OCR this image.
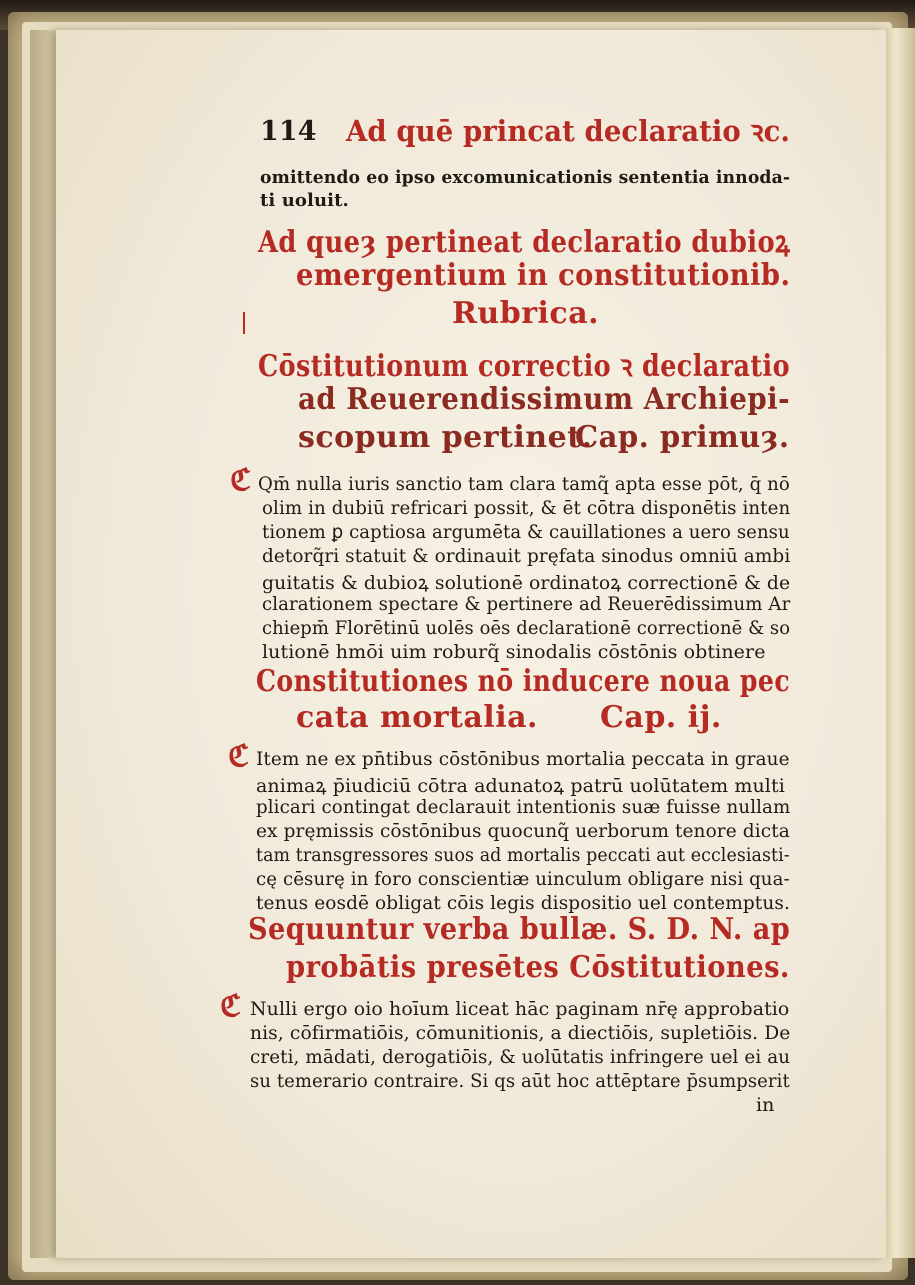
114 Ad quē princat declaratio ꝛc.
omittendo eo ipso excomunicationis sententia innoda-
ti uoluit.
Ad queȝ pertineat declaratio dubioꝝ
emergentium in constitutionib.
Rubrica.
Cōstitutionum correctio ꝛ declaratio
ad Reuerendissimum Archiepi-
scopum pertinet.
Cap. primuȝ.
ℭ Qm̄ nulla iuris sanctio tam clara tamq̃ apta esse pōt, q̄ nō
olim in dubiū refricari possit, & ēt cōtra disponētis inten
tionem ꝑ captiosa argumēta & cauillationes a uero sensu
detorq̃ri statuit & ordinauit pręfata sinodus omniū ambi
guitatis & dubioꝝ solutionē ordinatoꝝ correctionē & de
clarationem spectare & pertinere ad Reuerēdissimum Ar
chiepm̄ Florētinū uolēs oēs declarationē correctionē & so
lutionē hmōi uim roburq̃ sinodalis cōstōnis obtinere
Constitutiones nō inducere noua pec
cata mortalia. Cap. ij.
ℭ Item ne ex pn̄tibus cōstōnibus mortalia peccata in graue
animaꝝ p̄iudiciū cōtra adunatoꝝ patrū uolūtatem multi
plicari contingat declarauit intentionis suæ fuisse nullam
ex pręmissis cōstōnibus quocunq̃ uerborum tenore dicta
tam transgressores suos ad mortalis peccati aut ecclesiasti-
cę cēsurę in foro conscientiæ uinculum obligare nisi qua-
tenus eosdē obligat cōis legis dispositio uel contemptus.
Sequuntur verba bullæ. S. D. N. ap
probātis presētes Cōstitutiones.
ℭ Nulli ergo oio hoīum liceat hāc paginam nr̄ę approbatio
nis, cōfirmatiōis, cōmunitionis, a diectiōis, supletiōis. De
creti, mādati, derogatiōis, & uolūtatis infringere uel ei au
su temerario contraire. Si qs aūt hoc attēptare p̄sumpserit
in
